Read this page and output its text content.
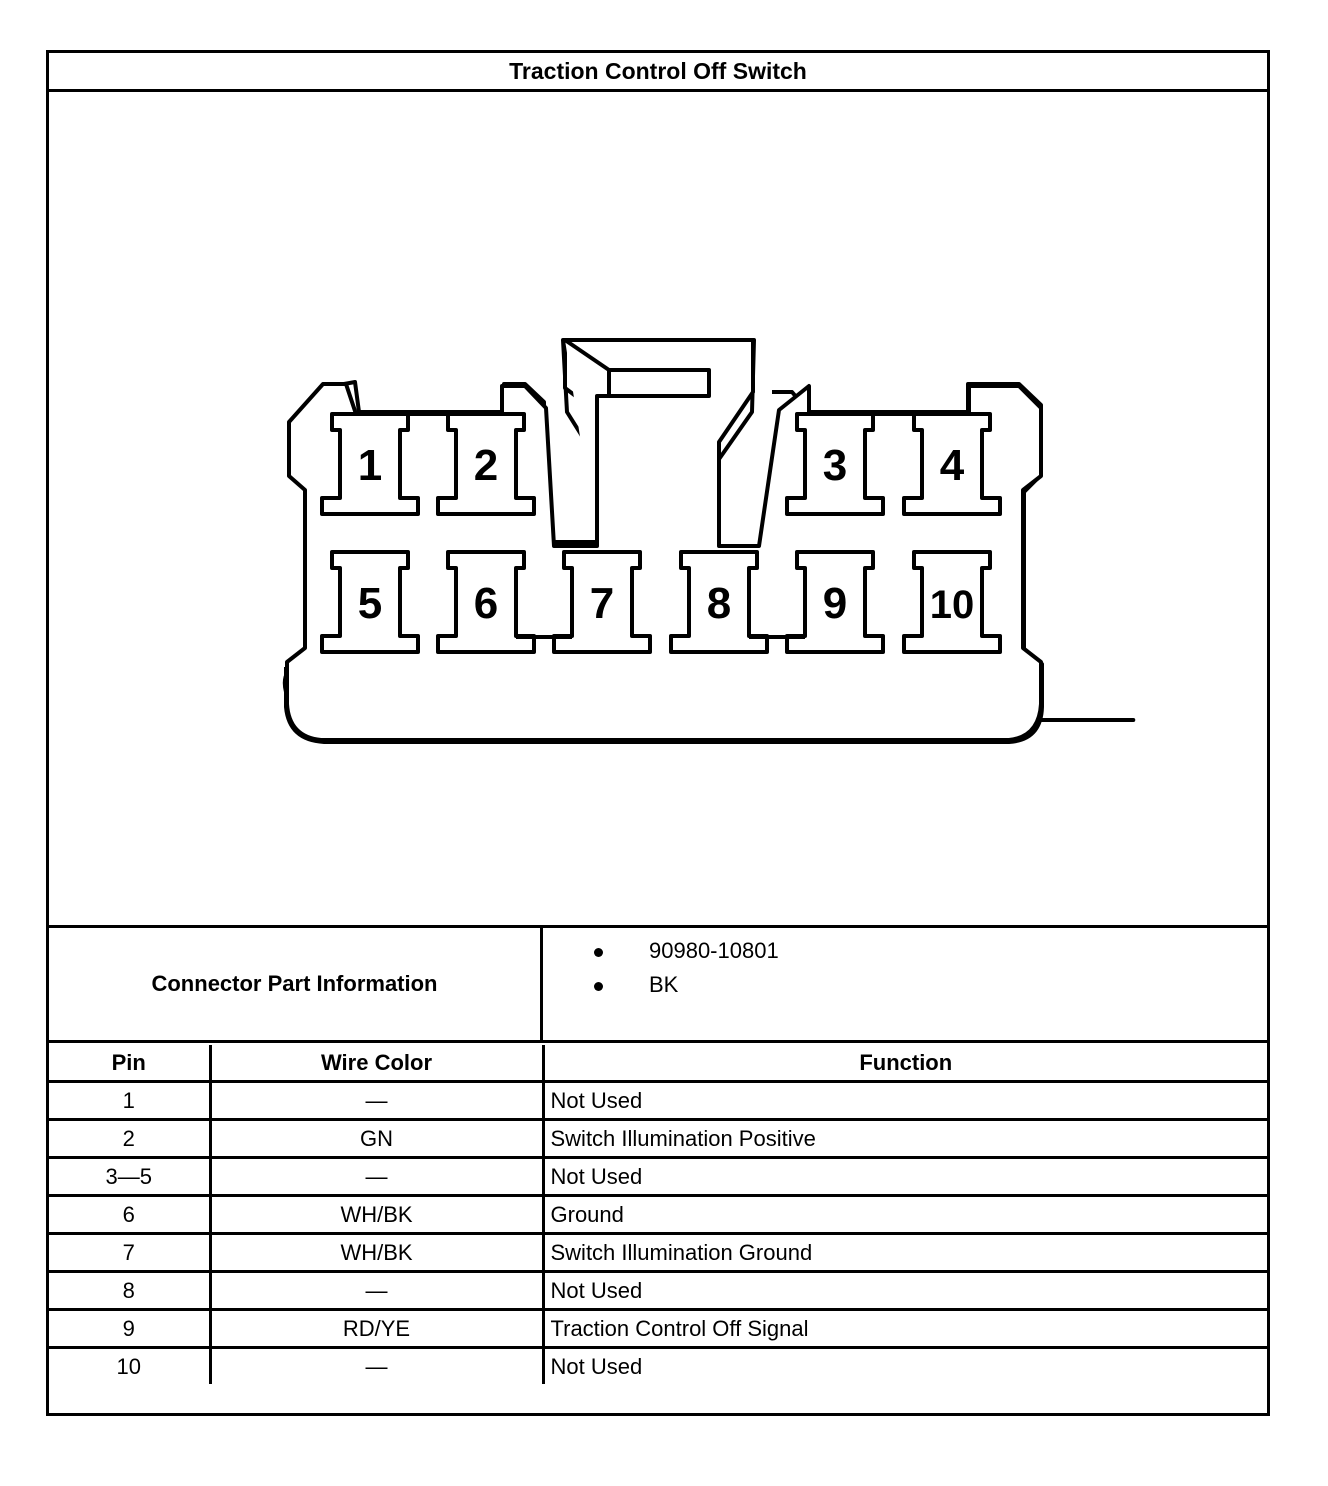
Traction Control Off Switch
1 2	3 4
5 6 7 8 9 10
Connector Part Information
90980-10801
BK
Pin	Wire Color	Function
1	—	Not Used
2	GN	Switch Illumination Positive
3—5	—	Not Used
6	WH/BK	Ground
7	WH/BK	Switch Illumination Ground
8	—	Not Used
9	RD/YE	Traction Control Off Signal
10	—	Not Used
